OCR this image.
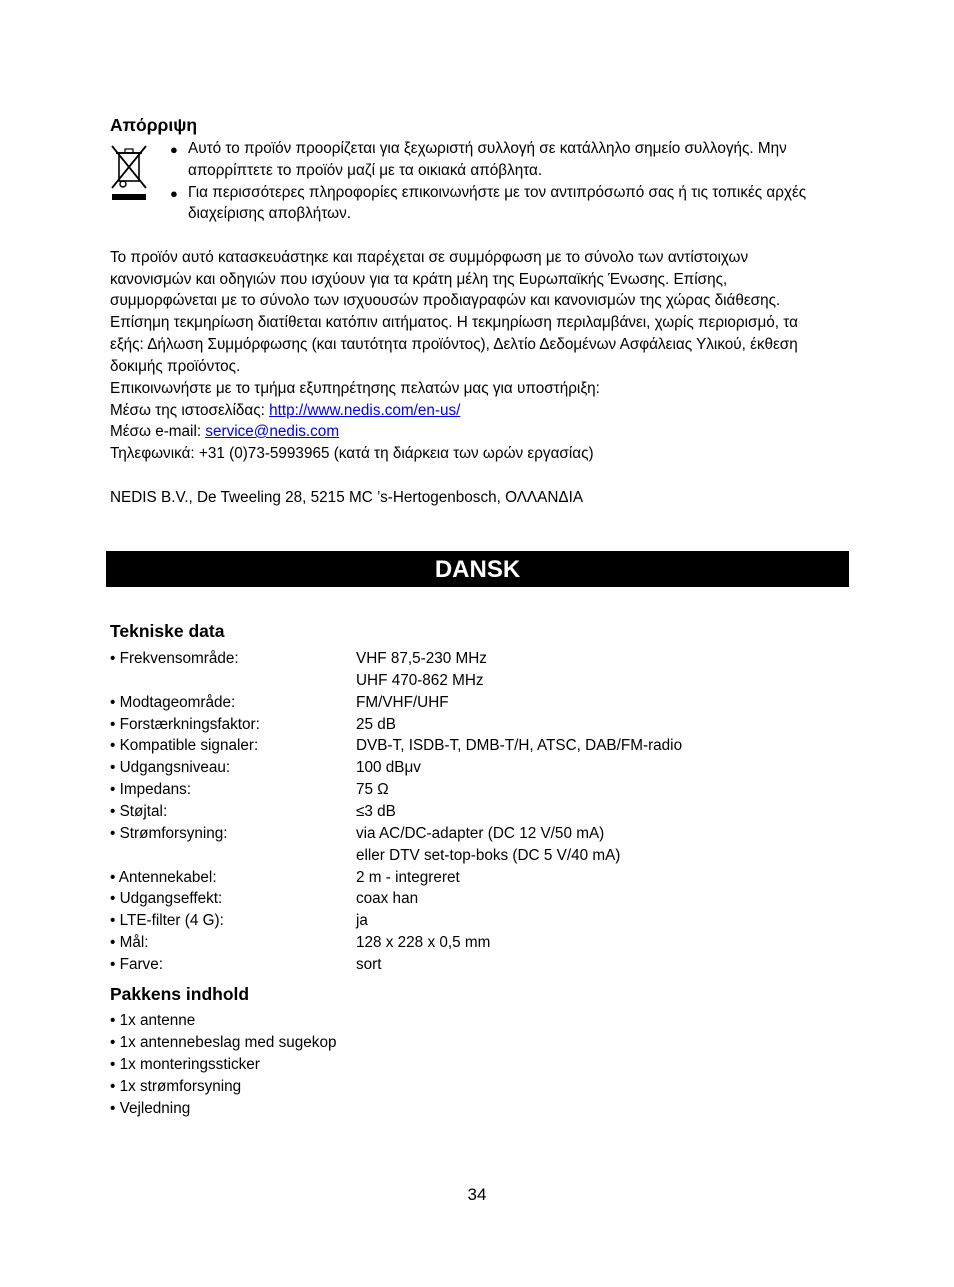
Απόρριψη
● Αυτό το προϊόν προορίζεται για ξεχωριστή συλλογή σε κατάλληλο σημείο συλλογής. Μην
απορρίπτετε το προϊόν μαζί με τα οικιακά απόβλητα.
● Για περισσότερες πληροφορίες επικοινωνήστε με τον αντιπρόσωπό σας ή τις τοπικές αρχές
διαχείρισης αποβλήτων.
Το προϊόν αυτό κατασκευάστηκε και παρέχεται σε συμμόρφωση με το σύνολο των αντίστοιχων
κανονισμών και οδηγιών που ισχύουν για τα κράτη μέλη της Ευρωπαϊκής Ένωσης. Επίσης,
συμμορφώνεται με το σύνολο των ισχυουσών προδιαγραφών και κανονισμών της χώρας διάθεσης.
Επίσημη τεκμηρίωση διατίθεται κατόπιν αιτήματος. Η τεκμηρίωση περιλαμβάνει, χωρίς περιορισμό, τα
εξής: Δήλωση Συμμόρφωσης (και ταυτότητα προϊόντος), Δελτίο Δεδομένων Ασφάλειας Υλικού, έκθεση
δοκιμής προϊόντος.
Επικοινωνήστε με το τμήμα εξυπηρέτησης πελατών μας για υποστήριξη:
Μέσω της ιστοσελίδας: http://www.nedis.com/en-us/
Μέσω e-mail: service@nedis.com
Τηλεφωνικά: +31 (0)73-5993965 (κατά τη διάρκεια των ωρών εργασίας)
NEDIS B.V., De Tweeling 28, 5215 MC ’s-Hertogenbosch, ΟΛΛΑΝΔΙΑ
DANSK
Tekniske data
• Frekvensområde:	VHF 87,5-230 MHz
UHF 470-862 MHz
• Modtageområde:	FM/VHF/UHF
• Forstærkningsfaktor:	25 dB
• Kompatible signaler:	DVB-T, ISDB-T, DMB-T/H, ATSC, DAB/FM-radio
• Udgangsniveau:	100 dBμv
• Impedans:	75 Ω
• Støjtal:	≤3 dB
• Strømforsyning:	via AC/DC-adapter (DC 12 V/50 mA)
eller DTV set-top-boks (DC 5 V/40 mA)
• Antennekabel:	2 m - integreret
• Udgangseffekt:	coax han
• LTE-filter (4 G):	ja
• Mål:	128 x 228 x 0,5 mm
• Farve:	sort
Pakkens indhold
• 1x antenne
• 1x antennebeslag med sugekop
• 1x monteringssticker
• 1x strømforsyning
• Vejledning
34
